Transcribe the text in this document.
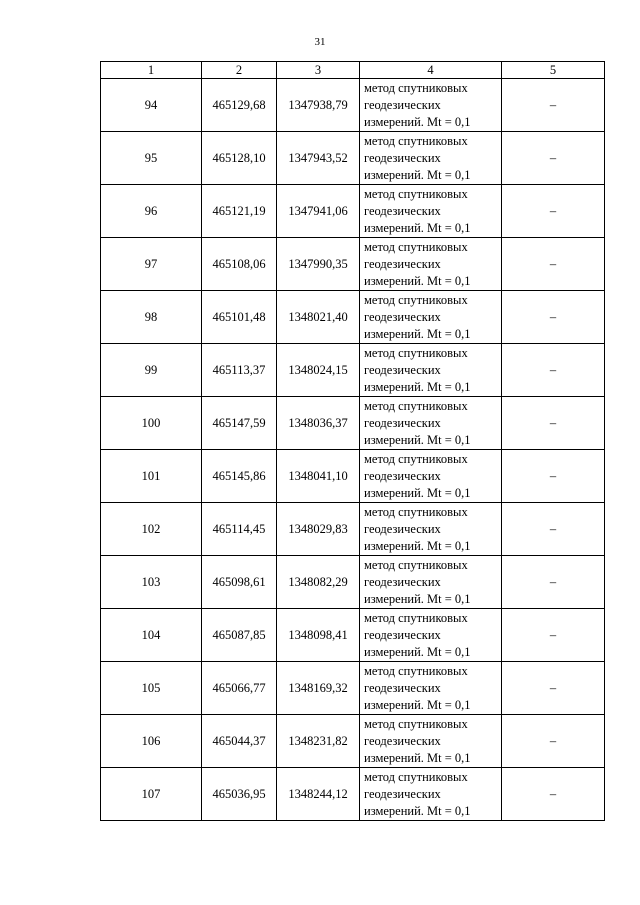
31
1	2	3	4	5
94	465129,68	1347938,79	метод спутниковых
геодезических
измерений. Mt = 0,1	–
95	465128,10	1347943,52	метод спутниковых
геодезических
измерений. Mt = 0,1	–
96	465121,19	1347941,06	метод спутниковых
геодезических
измерений. Mt = 0,1	–
97	465108,06	1347990,35	метод спутниковых
геодезических
измерений. Mt = 0,1	–
98	465101,48	1348021,40	метод спутниковых
геодезических
измерений. Mt = 0,1	–
99	465113,37	1348024,15	метод спутниковых
геодезических
измерений. Mt = 0,1	–
100	465147,59	1348036,37	метод спутниковых
геодезических
измерений. Mt = 0,1	–
101	465145,86	1348041,10	метод спутниковых
геодезических
измерений. Mt = 0,1	–
102	465114,45	1348029,83	метод спутниковых
геодезических
измерений. Mt = 0,1	–
103	465098,61	1348082,29	метод спутниковых
геодезических
измерений. Mt = 0,1	–
104	465087,85	1348098,41	метод спутниковых
геодезических
измерений. Mt = 0,1	–
105	465066,77	1348169,32	метод спутниковых
геодезических
измерений. Mt = 0,1	–
106	465044,37	1348231,82	метод спутниковых
геодезических
измерений. Mt = 0,1	–
107	465036,95	1348244,12	метод спутниковых
геодезических
измерений. Mt = 0,1	–
